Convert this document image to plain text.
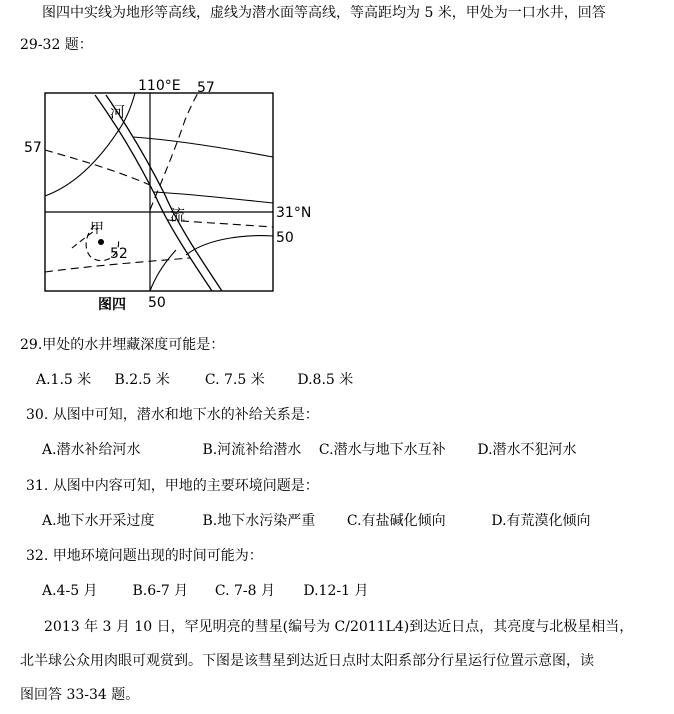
图四中实线为地形等高线，虚线为潜水面等高线，等高距均为 5 米，甲处为一口水井，回答
29-32 题：
110°E 57
57
31°N
50
52
50
河
流
甲
图四
29.甲处的水井埋藏深度可能是：
A.1.5 米 B.2.5 米	C. 7.5 米 D.8.5 米
30. 从图中可知，潜水和地下水的补给关系是：
A.潜水补给河水	B.河流补给潜水 C.潜水与地下水互补 D.潜水不犯河水
31. 从图中内容可知，甲地的主要环境问题是：
A.地下水开采过度	B.地下水污染严重 C.有盐碱化倾向	D.有荒漠化倾向
32. 甲地环境问题出现的时间可能为：
A.4-5 月 B.6-7 月 C. 7-8 月 D.12-1 月
2013 年 3 月 10 日，罕见明亮的彗星(编号为 C/2011L4)到达近日点，其亮度与北极星相当，
北半球公众用肉眼可观赏到。下图是该彗星到达近日点时太阳系部分行星运行位置示意图，读
图回答 33-34 题。
